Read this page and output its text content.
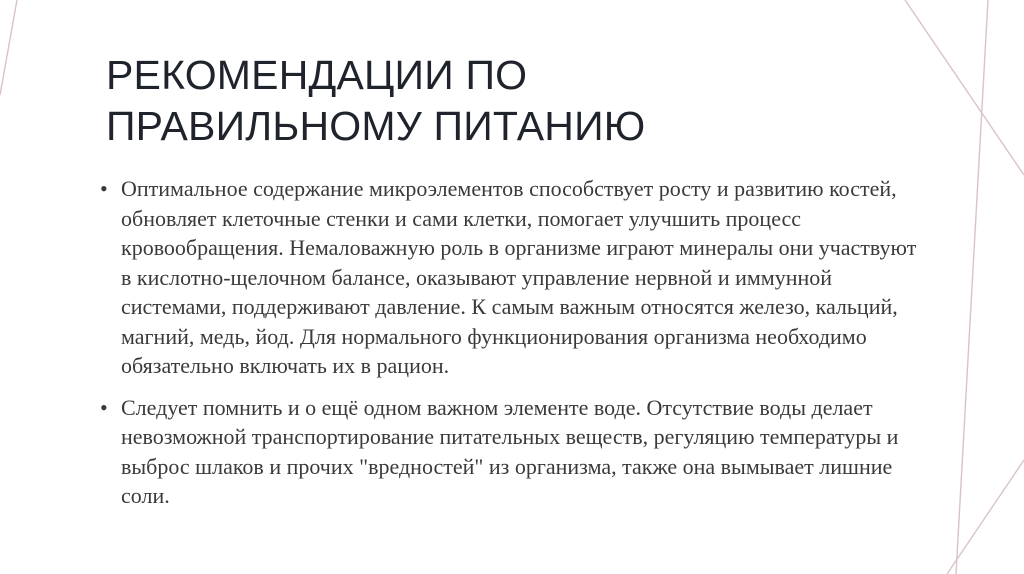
РЕКОМЕНДАЦИИ ПО
ПРАВИЛЬНОМУ ПИТАНИЮ
• Оптимальное содержание микроэлементов способствует росту и развитию костей, обновляет клеточные стенки и сами клетки, помогает улучшить процесс кровообращения. Немаловажную роль в организме играют минералы они участвуют в кислотно-щелочном балансе, оказывают управление нервной и иммунной системами, поддерживают давление. К самым важным относятся железо, кальций, магний, медь, йод. Для нормального функционирования организма необходимо обязательно включать их в рацион.
• Следует помнить и о ещё одном важном элементе воде. Отсутствие воды делает невозможной транспортирование питательных веществ, регуляцию температуры и выброс шлаков и прочих "вредностей" из организма, также она вымывает лишние соли.
